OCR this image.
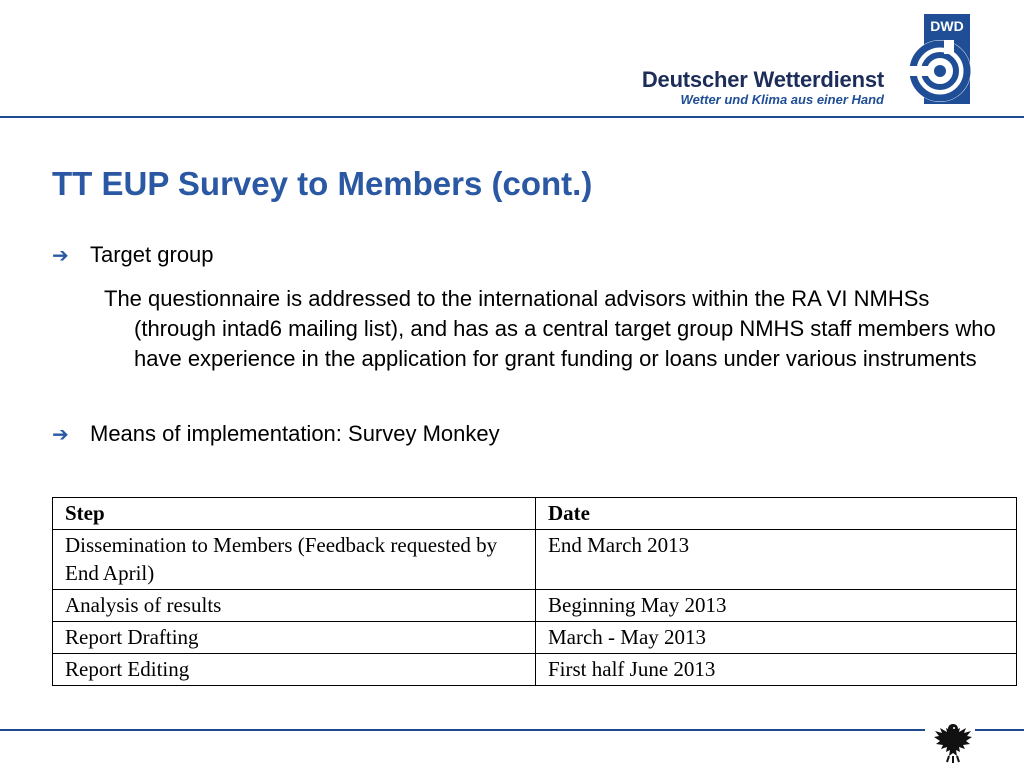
Deutscher Wetterdienst
Wetter und Klima aus einer Hand
DWD
TT EUP Survey to Members (cont.)
➔ Target group

The questionnaire is addressed to the international advisors within the RA VI NMHSs (through intad6 mailing list), and has as a central target group NMHS staff members who have experience in the application for grant funding or loans under various instruments

➔ Means of implementation: Survey Monkey
Step	Date
Dissemination to Members (Feedback requested by End April)	End March 2013
Analysis of results	Beginning May 2013
Report Drafting	March - May 2013
Report Editing	First half June 2013
